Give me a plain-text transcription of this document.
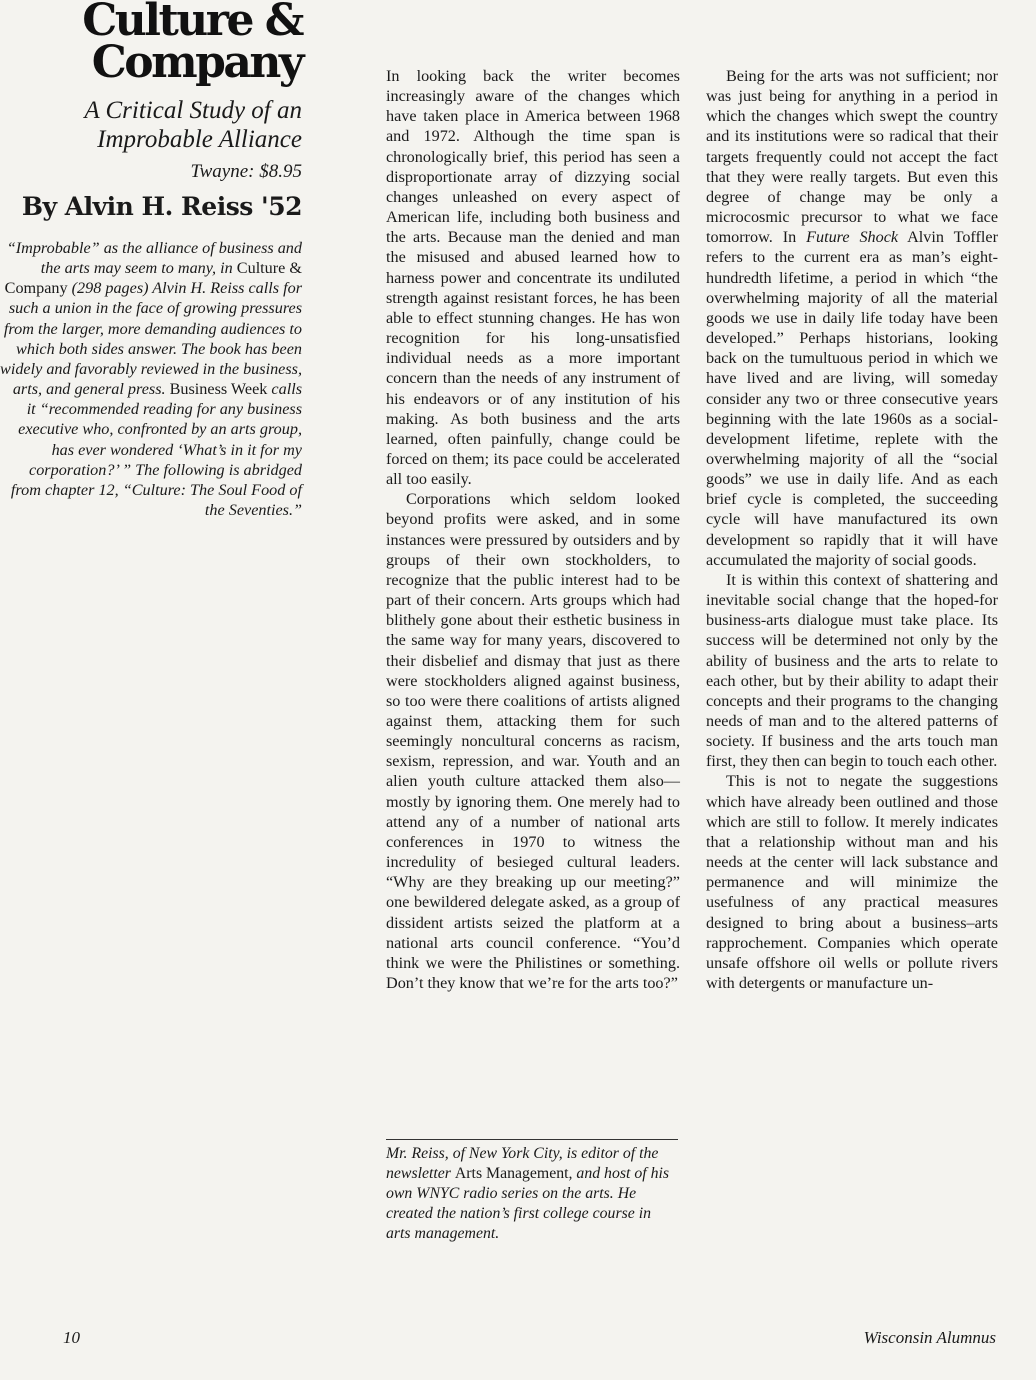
Culture &
Company
A Critical Study of an
Improbable Alliance
Twayne: $8.95
By Alvin H. Reiss '52
“Improbable” as the alliance of business and the arts may seem to many, in Culture & Company (298 pages) Alvin H. Reiss calls for such a union in the face of growing pressures from the larger, more demanding audiences to which both sides answer. The book has been widely and favorably reviewed in the business, arts, and general press. Business Week calls it “recommended reading for any business executive who, confronted by an arts group, has ever wondered ‘What’s in it for my corporation?’ ” The following is abridged from chapter 12, “Culture: The Soul Food of the Seventies.”

In looking back the writer becomes increasingly aware of the changes which have taken place in America between 1968 and 1972. Although the time span is chronologically brief, this period has seen a disproportionate array of dizzying social changes unleashed on every aspect of American life, including both business and the arts. Because man the denied and man the misused and abused learned how to harness power and concentrate its undiluted strength against resistant forces, he has been able to effect stunning changes. He has won recognition for his long-unsatisfied individual needs as a more important concern than the needs of any instrument of his endeavors or of any institution of his making. As both business and the arts learned, often painfully, change could be forced on them; its pace could be accelerated all too easily.

Corporations which seldom looked beyond profits were asked, and in some instances were pressured by outsiders and by groups of their own stockholders, to recognize that the public interest had to be part of their concern. Arts groups which had blithely gone about their esthetic business in the same way for many years, discovered to their disbelief and dismay that just as there were stockholders aligned against business, so too were there coalitions of artists aligned against them, attacking them for such seemingly noncultural concerns as racism, sexism, repression, and war. Youth and an alien youth culture attacked them also—mostly by ignoring them. One merely had to attend any of a number of national arts conferences in 1970 to witness the incredulity of besieged cultural leaders. “Why are they breaking up our meeting?” one bewildered delegate asked, as a group of dissident artists seized the platform at a national arts council conference. “You’d think we were the Philistines or something. Don’t they know that we’re for the arts too?”

Mr. Reiss, of New York City, is editor of the newsletter Arts Management, and host of his own WNYC radio series on the arts. He created the nation’s first college course in arts management.

Being for the arts was not sufficient; nor was just being for anything in a period in which the changes which swept the country and its institutions were so radical that their targets frequently could not accept the fact that they were really targets. But even this degree of change may be only a microcosmic precursor to what we face tomorrow. In Future Shock Alvin Toffler refers to the current era as man’s eight-hundredth lifetime, a period in which “the overwhelming majority of all the material goods we use in daily life today have been developed.” Perhaps historians, looking back on the tumultuous period in which we have lived and are living, will someday consider any two or three consecutive years beginning with the late 1960s as a social-development lifetime, replete with the overwhelming majority of all the “social goods” we use in daily life. And as each brief cycle is completed, the succeeding cycle will have manufactured its own development so rapidly that it will have accumulated the majority of social goods.

It is within this context of shattering and inevitable social change that the hoped-for business-arts dialogue must take place. Its success will be determined not only by the ability of business and the arts to relate to each other, but by their ability to adapt their concepts and their programs to the changing needs of man and to the altered patterns of society. If business and the arts touch man first, they then can begin to touch each other.

This is not to negate the suggestions which have already been outlined and those which are still to follow. It merely indicates that a relationship without man and his needs at the center will lack substance and permanence and will minimize the usefulness of any practical measures designed to bring about a business–arts rapprochement. Companies which operate unsafe offshore oil wells or pollute rivers with detergents or manufacture un-

10	Wisconsin Alumnus
